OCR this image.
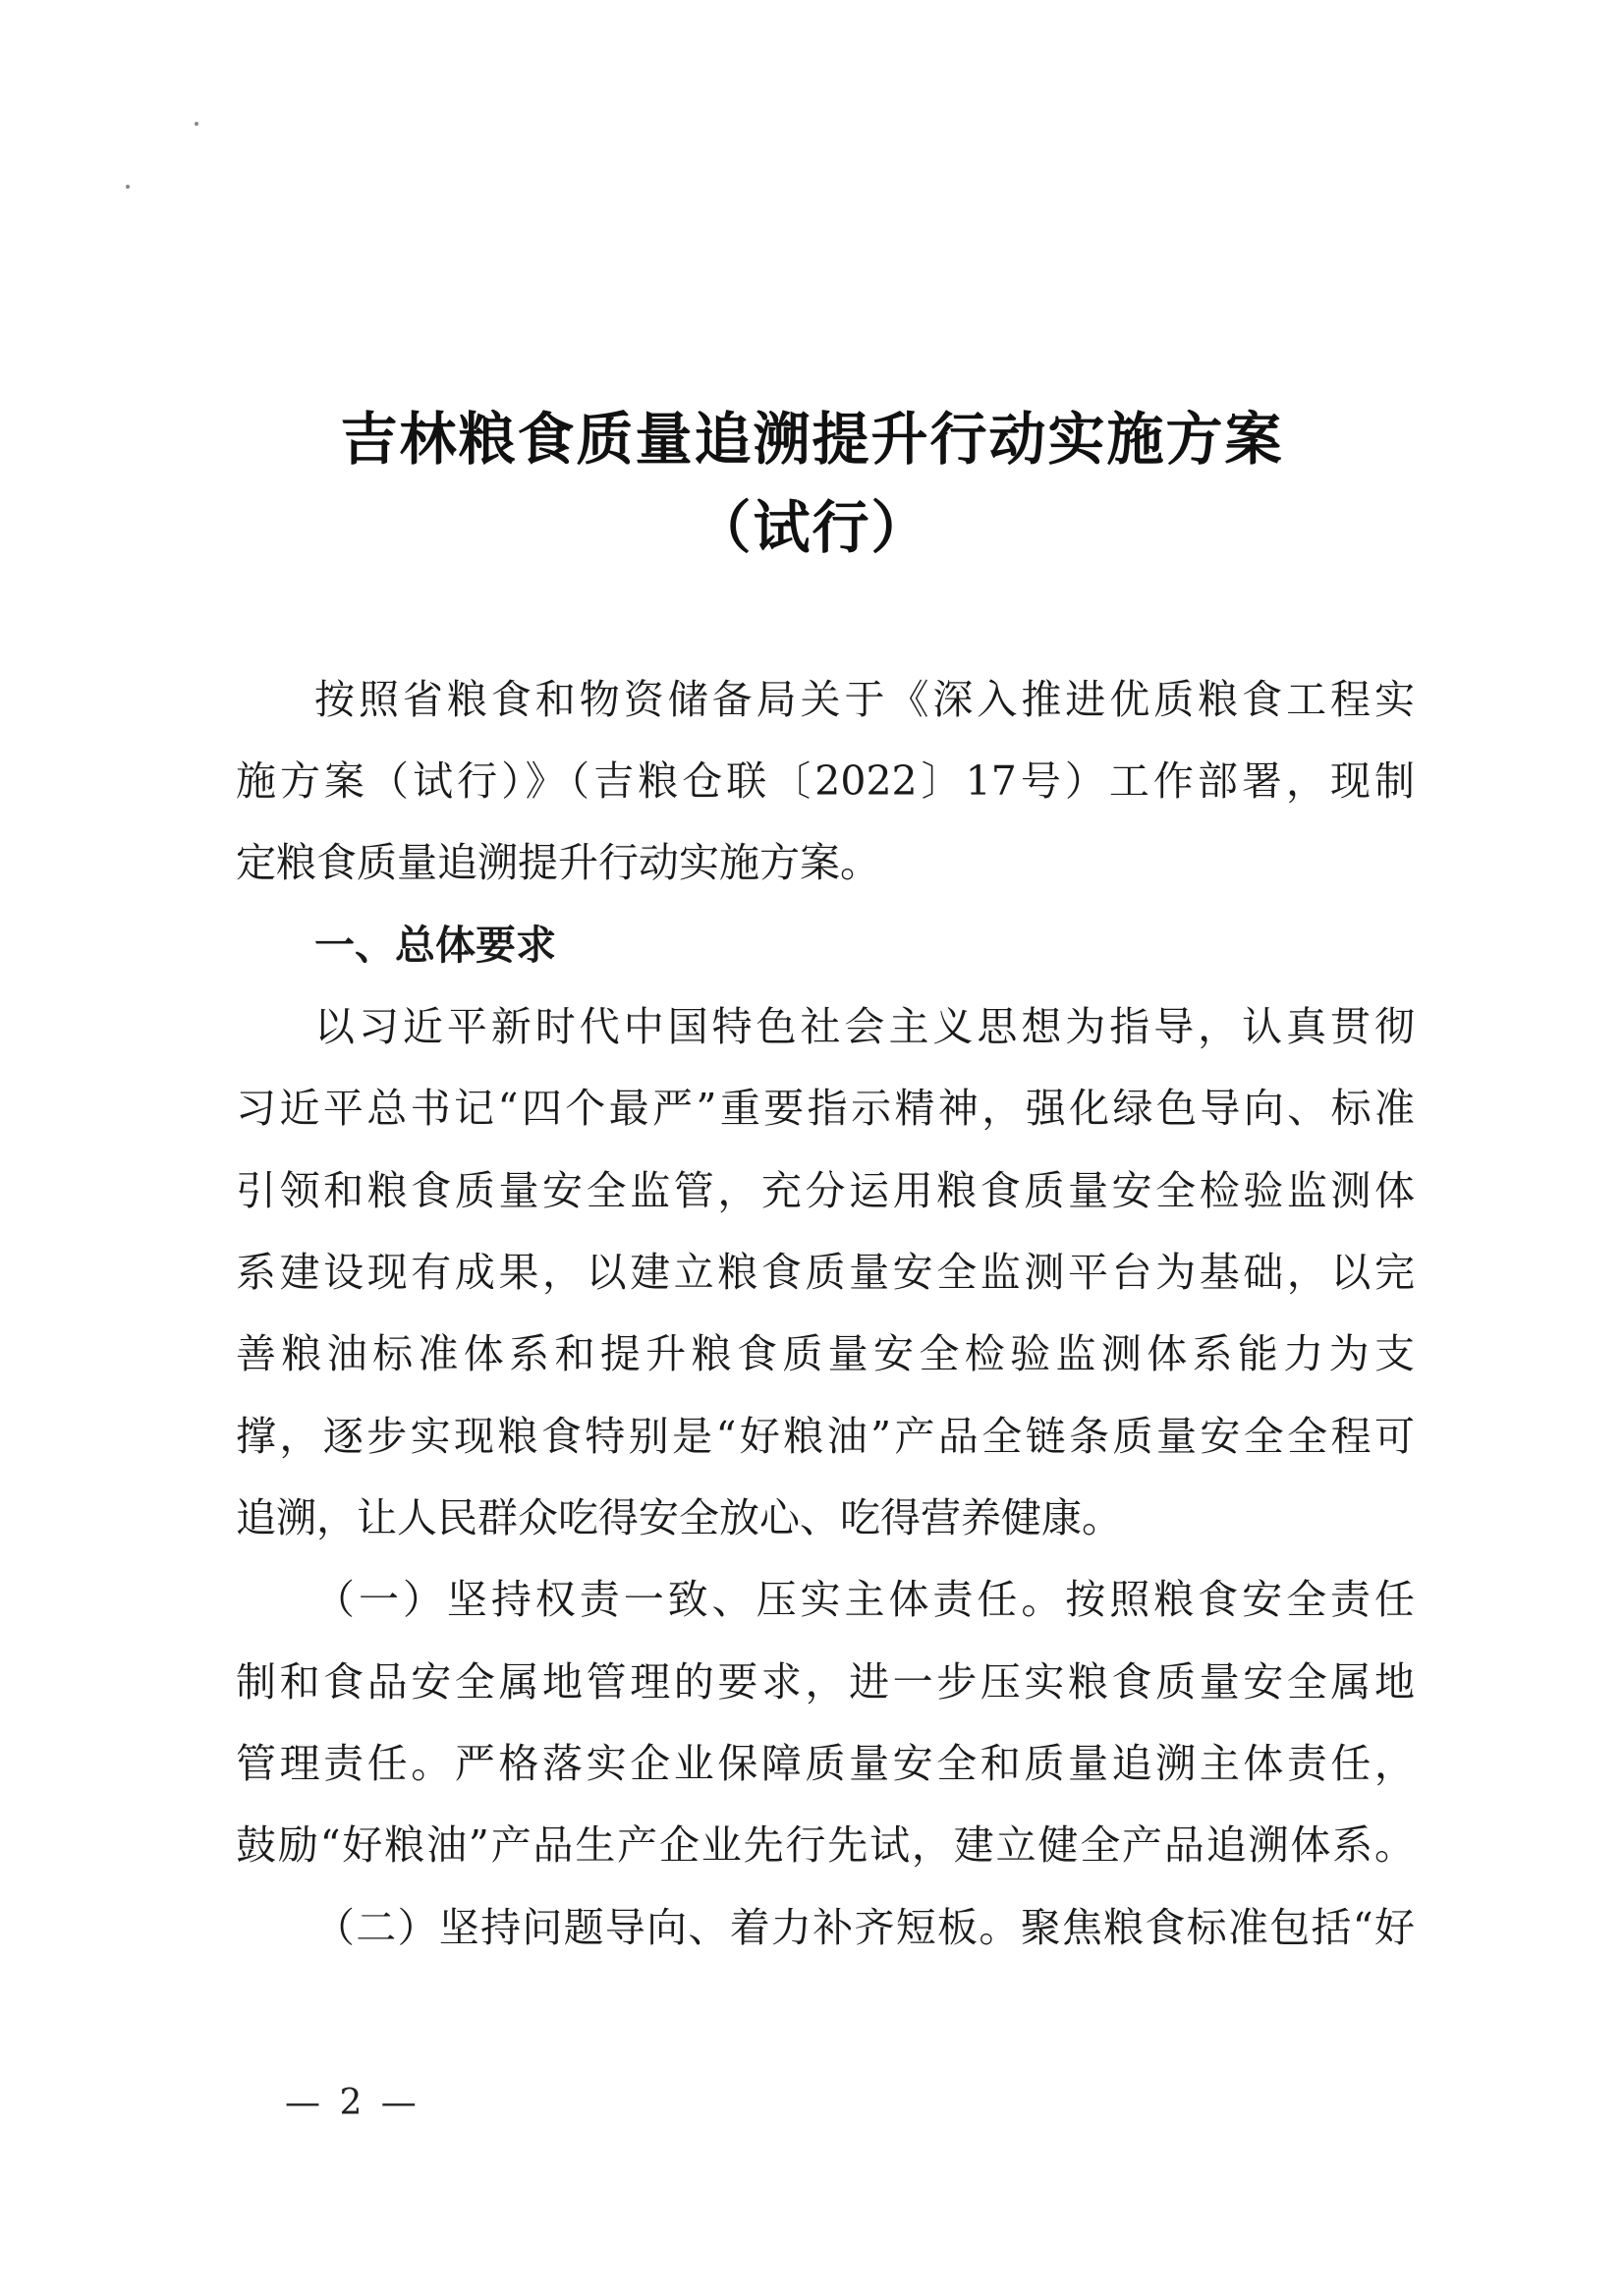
吉林粮食质量追溯提升行动实施方案
（试行）
按照省粮食和物资储备局关于《深入推进优质粮食工程实
施方案（试行）》（吉粮仓联〔2022〕17号）工作部署，现制
定粮食质量追溯提升行动实施方案。
一、总体要求
以习近平新时代中国特色社会主义思想为指导，认真贯彻
习近平总书记“四个最严”重要指示精神，强化绿色导向、标准
引领和粮食质量安全监管，充分运用粮食质量安全检验监测体
系建设现有成果，以建立粮食质量安全监测平台为基础，以完
善粮油标准体系和提升粮食质量安全检验监测体系能力为支
撑，逐步实现粮食特别是“好粮油”产品全链条质量安全全程可
追溯，让人民群众吃得安全放心、吃得营养健康。
（一）坚持权责一致、压实主体责任。按照粮食安全责任
制和食品安全属地管理的要求，进一步压实粮食质量安全属地
管理责任。严格落实企业保障质量安全和质量追溯主体责任，
鼓励“好粮油”产品生产企业先行先试，建立健全产品追溯体系。
（二）坚持问题导向、着力补齐短板。聚焦粮食标准包括“好
— 2 —
